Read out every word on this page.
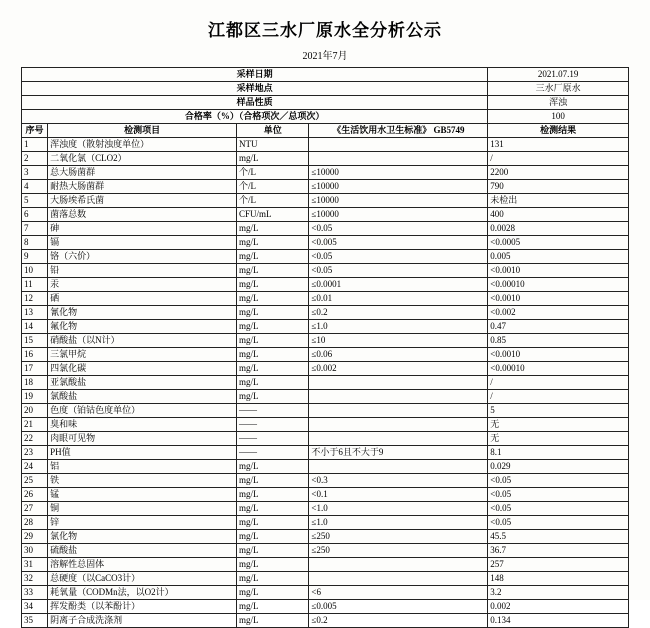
江都区三水厂原水全分析公示
2021年7月
采样日期				2021.07.19
采样地点				三水厂原水
样品性质				浑浊
合格率（%）（合格项次／总项次）				100
序号	检测项目	单位	《生活饮用水卫生标准》 GB5749	检测结果
1	浑浊度（散射浊度单位）	NTU		131
2	二氧化氯（CLO2）	mg/L		/
3	总大肠菌群	个/L	≤10000	2200
4	耐热大肠菌群	个/L	≤10000	790
5	大肠埃希氏菌	个/L	≤10000	未检出
6	菌落总数	CFU/mL	≤10000	400
7	砷	mg/L	<0.05	0.0028
8	镉	mg/L	<0.005	<0.0005
9	铬（六价）	mg/L	<0.05	0.005
10	铅	mg/L	<0.05	<0.0010
11	汞	mg/L	≤0.0001	<0.00010
12	硒	mg/L	≤0.01	<0.0010
13	氰化物	mg/L	≤0.2	<0.002
14	氟化物	mg/L	≤1.0	0.47
15	硝酸盐（以N计）	mg/L	≤10	0.85
16	三氯甲烷	mg/L	≤0.06	<0.0010
17	四氯化碳	mg/L	≤0.002	<0.00010
18	亚氯酸盐	mg/L		/
19	氯酸盐	mg/L		/
20	色度（铂钴色度单位）	——		5
21	臭和味	——		无
22	肉眼可见物	——		无
23	PH值	——	不小于6且不大于9	8.1
24	铝	mg/L		0.029
25	铁	mg/L	<0.3	<0.05
26	锰	mg/L	<0.1	<0.05
27	铜	mg/L	<1.0	<0.05
28	锌	mg/L	≤1.0	<0.05
29	氯化物	mg/L	≤250	45.5
30	硫酸盐	mg/L	≤250	36.7
31	溶解性总固体	mg/L		257
32	总硬度（以CaCO3计）	mg/L		148
33	耗氧量（CODMn法，以O2计）	mg/L	<6	3.2
34	挥发酚类（以苯酚计）	mg/L	≤0.005	0.002
35	阴离子合成洗涤剂	mg/L	≤0.2	0.134
